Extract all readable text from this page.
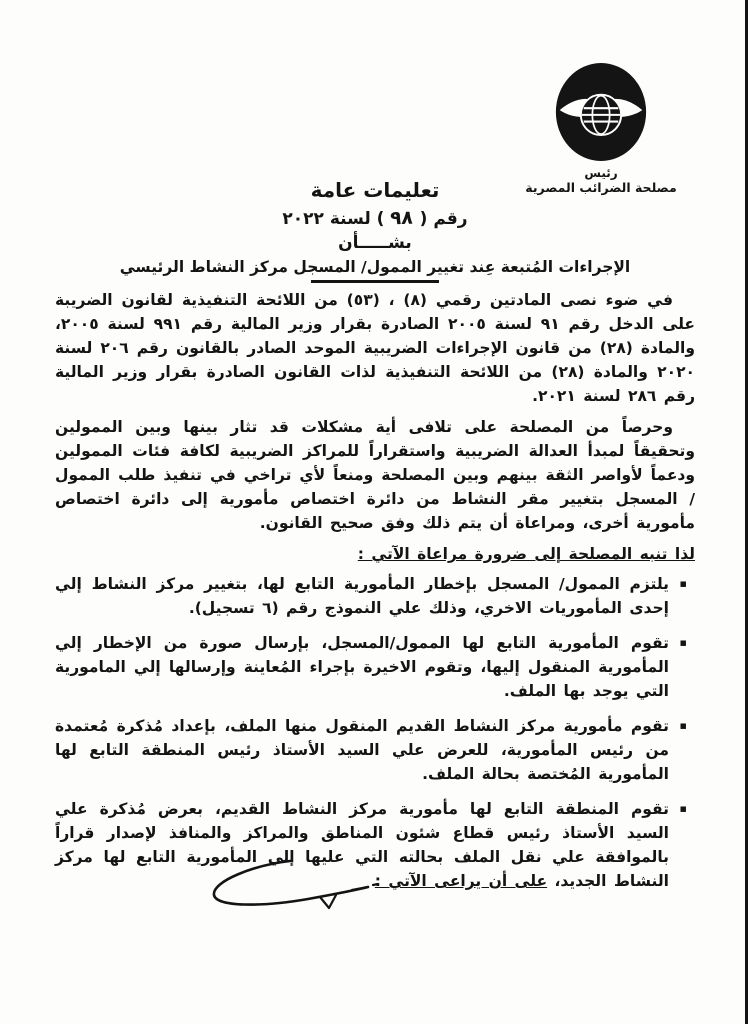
رئيس
مصلحة الضرائب المصرية
تعليمات عامة
رقم (٩٨) لسنة ٢٠٢٢
بشـــــأن
الإجراءات المُتبعة عِند تغيير الممول/ المسجل مركز النشاط الرئيسي

في ضوء نصى المادتين رقمي (٨) ، (٥٣) من اللائحة التنفيذية لقانون الضريبة على الدخل رقم ٩١ لسنة ٢٠٠٥ الصادرة بقرار وزير المالية رقم ٩٩١ لسنة ٢٠٠٥، والمادة (٢٨) من قانون الإجراءات الضريبية الموحد الصادر بالقانون رقم ٢٠٦ لسنة ٢٠٢٠ والمادة (٢٨) من اللائحة التنفيذية لذات القانون الصادرة بقرار وزير المالية رقم ٢٨٦ لسنة ٢٠٢١.

وحرصاً من المصلحة على تلافى أية مشكلات قد تثار بينها وبين الممولين وتحقيقاً لمبدأ العدالة الضريبية واستقراراً للمراكز الضريبية لكافة فئات الممولين ودعماً لأواصر الثقة بينهم وبين المصلحة ومنعاً لأي تراخي في تنفيذ طلب الممول / المسجل بتغيير مقر النشاط من دائرة اختصاص مأمورية إلى دائرة اختصاص مأمورية أخرى، ومراعاة أن يتم ذلك وفق صحيح القانون.

لذا تنبه المصلحة إلى ضرورة مراعاة الآتي :
▪
يلتزم الممول/ المسجل بإخطار المأمورية التابع لها، بتغيير مركز النشاط إلي إحدى المأموريات الاخري، وذلك علي النموذج رقم (٦ تسجيل).
▪
تقوم المأمورية التابع لها الممول/المسجل، بإرسال صورة من الإخطار إلي المأمورية المنقول إليها، وتقوم الاخيرة بإجراء المُعاينة وإرسالها إلي المامورية التي يوجد بها الملف.
▪
تقوم مأمورية مركز النشاط القديم المنقول منها الملف، بإعداد مُذكرة مُعتمدة من رئيس المأمورية، للعرض علي السيد الأستاذ رئيس المنطقة التابع لها المأمورية المُختصة بحالة الملف.
▪
تقوم المنطقة التابع لها مأمورية مركز النشاط القديم، بعرض مُذكرة علي السيد الأستاذ رئيس قطاع شئون المناطق والمراكز والمنافذ لإصدار قراراً بالموافقة علي نقل الملف بحالته التي عليها إلي المأمورية التابع لها مركز النشاط الجديد، على أن يراعى الآتي :
